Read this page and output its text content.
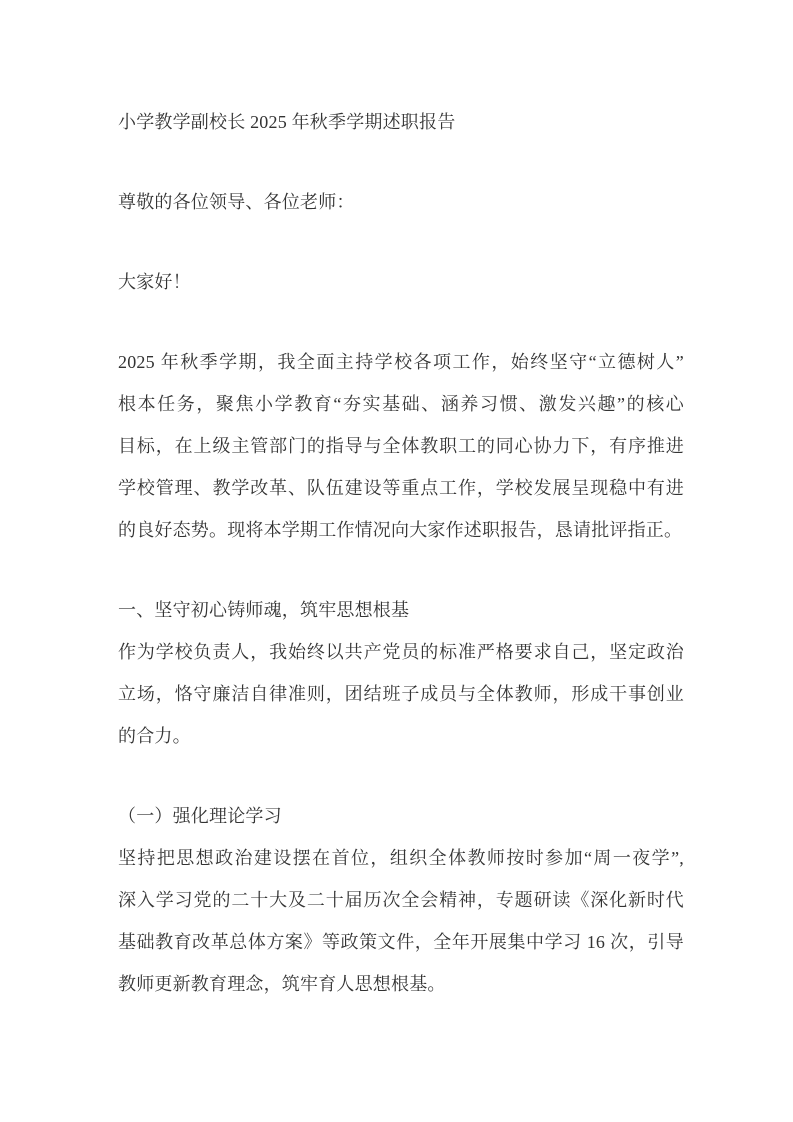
小学教学副校长 2025 年秋季学期述职报告
尊敬的各位领导、各位老师：
大家好！
2025 年秋季学期，我全面主持学校各项工作，始终坚守“立德树人”
根本任务，聚焦小学教育“夯实基础、涵养习惯、激发兴趣”的核心
目标，在上级主管部门的指导与全体教职工的同心协力下，有序推进
学校管理、教学改革、队伍建设等重点工作，学校发展呈现稳中有进
的良好态势。现将本学期工作情况向大家作述职报告，恳请批评指正。
一、坚守初心铸师魂，筑牢思想根基
作为学校负责人，我始终以共产党员的标准严格要求自己，坚定政治
立场，恪守廉洁自律准则，团结班子成员与全体教师，形成干事创业
的合力。
（一）强化理论学习
坚持把思想政治建设摆在首位，组织全体教师按时参加“周一夜学”,
深入学习党的二十大及二十届历次全会精神，专题研读《深化新时代
基础教育改革总体方案》等政策文件，全年开展集中学习 16 次，引导
教师更新教育理念，筑牢育人思想根基。
